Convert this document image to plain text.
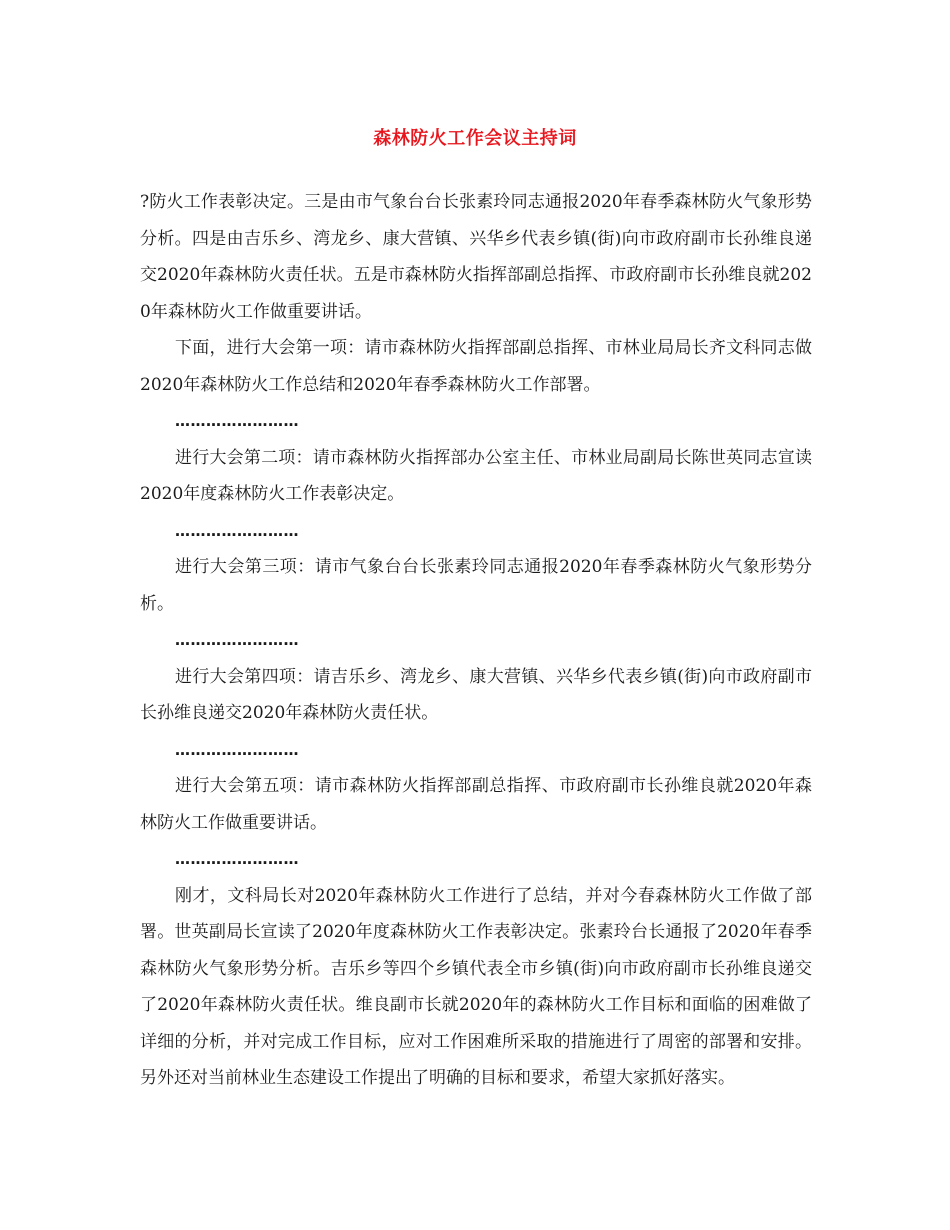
森林防火工作会议主持词

?防火工作表彰决定。三是由市气象台台长张素玲同志通报2020年春季森林防火气象形势分析。四是由吉乐乡、湾龙乡、康大营镇、兴华乡代表乡镇(街)向市政府副市长孙维良递交2020年森林防火责任状。五是市森林防火指挥部副总指挥、市政府副市长孙维良就2020年森林防火工作做重要讲话。

下面，进行大会第一项：请市森林防火指挥部副总指挥、市林业局局长齐文科同志做2020年森林防火工作总结和2020年春季森林防火工作部署。

……………………

进行大会第二项：请市森林防火指挥部办公室主任、市林业局副局长陈世英同志宣读2020年度森林防火工作表彰决定。

……………………

进行大会第三项：请市气象台台长张素玲同志通报2020年春季森林防火气象形势分析。

……………………

进行大会第四项：请吉乐乡、湾龙乡、康大营镇、兴华乡代表乡镇(街)向市政府副市长孙维良递交2020年森林防火责任状。

……………………

进行大会第五项：请市森林防火指挥部副总指挥、市政府副市长孙维良就2020年森林防火工作做重要讲话。

……………………

刚才，文科局长对2020年森林防火工作进行了总结，并对今春森林防火工作做了部署。世英副局长宣读了2020年度森林防火工作表彰决定。张素玲台长通报了2020年春季森林防火气象形势分析。吉乐乡等四个乡镇代表全市乡镇(街)向市政府副市长孙维良递交了2020年森林防火责任状。维良副市长就2020年的森林防火工作目标和面临的困难做了详细的分析，并对完成工作目标，应对工作困难所采取的措施进行了周密的部署和安排。另外还对当前林业生态建设工作提出了明确的目标和要求，希望大家抓好落实。
